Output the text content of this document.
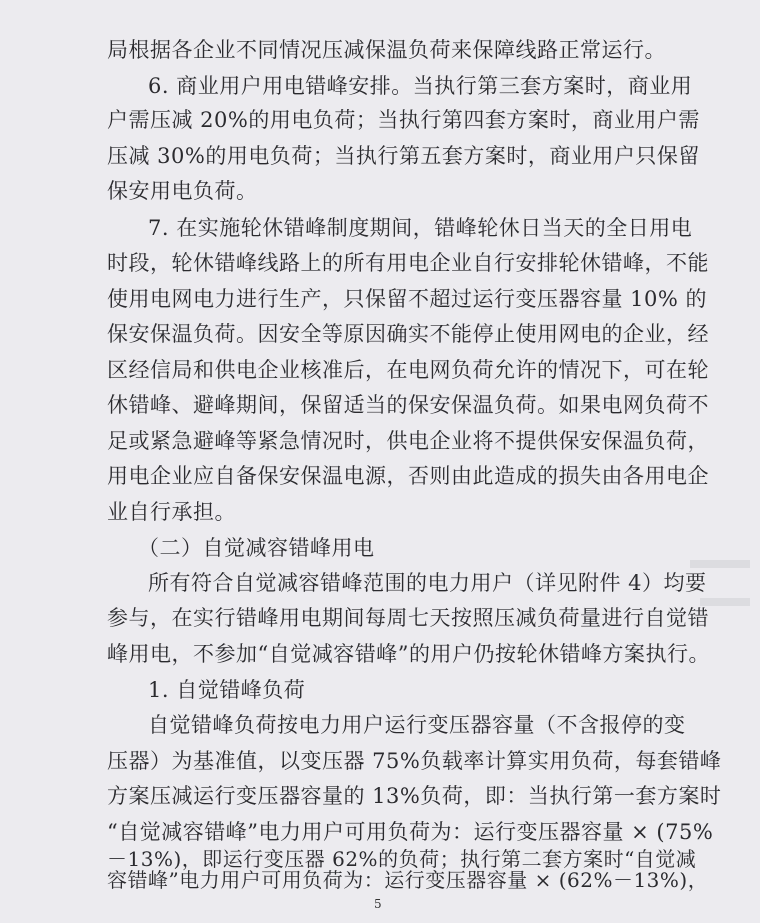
局根据各企业不同情况压减保温负荷来保障线路正常运行。
6. 商业用户用电错峰安排。当执行第三套方案时，商业用
户需压减 20%的用电负荷；当执行第四套方案时，商业用户需
压减 30%的用电负荷；当执行第五套方案时，商业用户只保留
保安用电负荷。
7. 在实施轮休错峰制度期间，错峰轮休日当天的全日用电
时段，轮休错峰线路上的所有用电企业自行安排轮休错峰，不能
使用电网电力进行生产，只保留不超过运行变压器容量 10% 的
保安保温负荷。因安全等原因确实不能停止使用网电的企业，经
区经信局和供电企业核准后，在电网负荷允许的情况下，可在轮
休错峰、避峰期间，保留适当的保安保温负荷。如果电网负荷不
足或紧急避峰等紧急情况时，供电企业将不提供保安保温负荷，
用电企业应自备保安保温电源，否则由此造成的损失由各用电企
业自行承担。
（二）自觉减容错峰用电
所有符合自觉减容错峰范围的电力用户（详见附件 4）均要
参与，在实行错峰用电期间每周七天按照压减负荷量进行自觉错
峰用电，不参加“自觉减容错峰”的用户仍按轮休错峰方案执行。
1. 自觉错峰负荷
自觉错峰负荷按电力用户运行变压器容量（不含报停的变
压器）为基准值，以变压器 75%负载率计算实用负荷，每套错峰
方案压减运行变压器容量的 13%负荷，即：当执行第一套方案时
“自觉减容错峰”电力用户可用负荷为：运行变压器容量 × (75%
－13%)，即运行变压器 62%的负荷；执行第二套方案时“自觉减
容错峰”电力用户可用负荷为：运行变压器容量 × (62%－13%)，
5
